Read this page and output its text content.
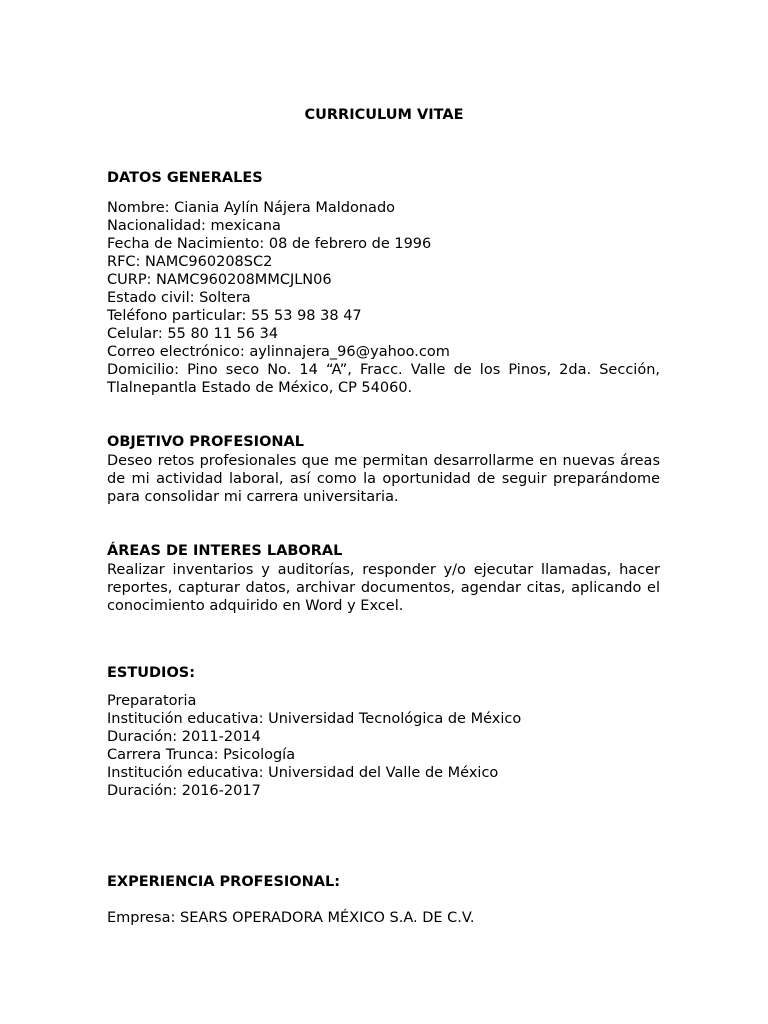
CURRICULUM VITAE
DATOS GENERALES
Nombre: Ciania Aylín Nájera Maldonado
Nacionalidad: mexicana
Fecha de Nacimiento: 08 de febrero de 1996
RFC: NAMC960208SC2
CURP: NAMC960208MMCJLN06
Estado civil: Soltera
Teléfono particular: 55 53 98 38 47
Celular: 55 80 11 56 34
Correo electrónico: aylinnajera_96@yahoo.com
Domicilio: Pino seco No. 14 “A”, Fracc. Valle de los Pinos, 2da. Sección, Tlalnepantla Estado de México, CP 54060.
OBJETIVO PROFESIONAL
Deseo retos profesionales que me permitan desarrollarme en nuevas áreas de mi actividad laboral, así como la oportunidad de seguir preparándome para consolidar mi carrera universitaria.
ÁREAS DE INTERES LABORAL
Realizar inventarios y auditorías, responder y/o ejecutar llamadas, hacer reportes, capturar datos, archivar documentos, agendar citas, aplicando el conocimiento adquirido en Word y Excel.
ESTUDIOS:
Preparatoria
Institución educativa: Universidad Tecnológica de México
Duración: 2011-2014
Carrera Trunca: Psicología
Institución educativa: Universidad del Valle de México
Duración: 2016-2017
EXPERIENCIA PROFESIONAL:
Empresa: SEARS OPERADORA MÉXICO S.A. DE C.V.
